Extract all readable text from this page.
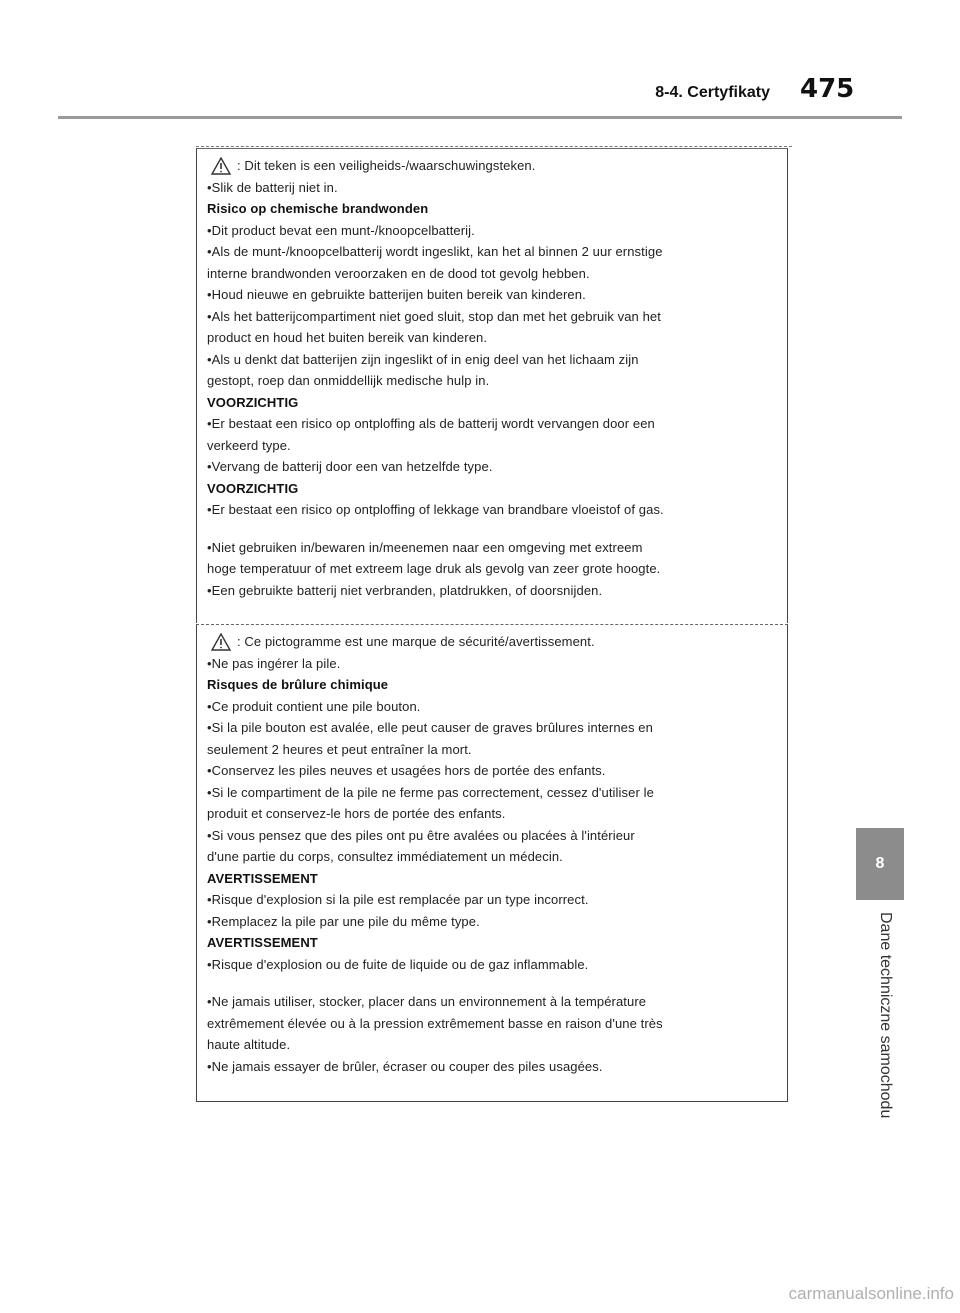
8-4. Certyfikaty 475
: Dit teken is een veiligheids-/waarschuwingsteken.
•Slik de batterij niet in.
Risico op chemische brandwonden
•Dit product bevat een munt-/knoopcelbatterij.
•Als de munt-/knoopcelbatterij wordt ingeslikt, kan het al binnen 2 uur ernstige
interne brandwonden veroorzaken en de dood tot gevolg hebben.
•Houd nieuwe en gebruikte batterijen buiten bereik van kinderen.
•Als het batterijcompartiment niet goed sluit, stop dan met het gebruik van het
product en houd het buiten bereik van kinderen.
•Als u denkt dat batterijen zijn ingeslikt of in enig deel van het lichaam zijn
gestopt, roep dan onmiddellijk medische hulp in.
VOORZICHTIG
•Er bestaat een risico op ontploffing als de batterij wordt vervangen door een
verkeerd type.
•Vervang de batterij door een van hetzelfde type.
VOORZICHTIG
•Er bestaat een risico op ontploffing of lekkage van brandbare vloeistof of gas.
•Niet gebruiken in/bewaren in/meenemen naar een omgeving met extreem
hoge temperatuur of met extreem lage druk als gevolg van zeer grote hoogte.
•Een gebruikte batterij niet verbranden, platdrukken, of doorsnijden.
: Ce pictogramme est une marque de sécurité/avertissement.
•Ne pas ingérer la pile.
Risques de brûlure chimique
•Ce produit contient une pile bouton.
•Si la pile bouton est avalée, elle peut causer de graves brûlures internes en
seulement 2 heures et peut entraîner la mort.
•Conservez les piles neuves et usagées hors de portée des enfants.
•Si le compartiment de la pile ne ferme pas correctement, cessez d'utiliser le
produit et conservez-le hors de portée des enfants.
•Si vous pensez que des piles ont pu être avalées ou placées à l'intérieur
d'une partie du corps, consultez immédiatement un médecin.
AVERTISSEMENT
•Risque d'explosion si la pile est remplacée par un type incorrect.
•Remplacez la pile par une pile du même type.
AVERTISSEMENT
•Risque d'explosion ou de fuite de liquide ou de gaz inflammable.
•Ne jamais utiliser, stocker, placer dans un environnement à la température
extrêmement élevée ou à la pression extrêmement basse en raison d'une très
haute altitude.
•Ne jamais essayer de brûler, écraser ou couper des piles usagées.
8
Dane techniczne samochodu
carmanualsonline.info
